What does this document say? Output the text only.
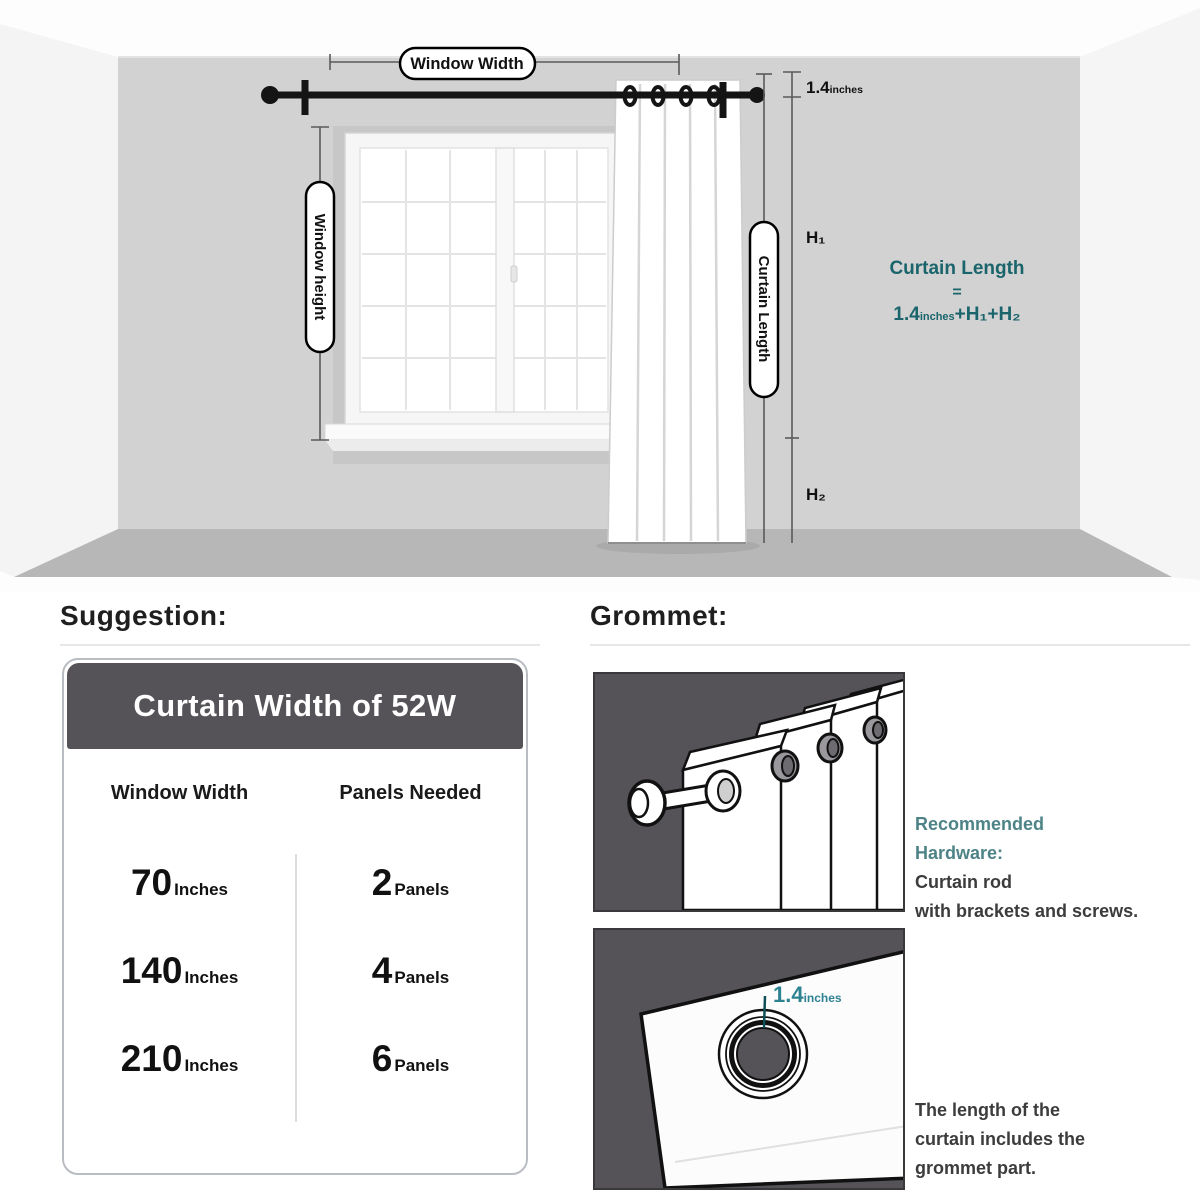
Window Width
Window height	Curtain Length
1.4inches
H₁
H₂
Curtain Length
=
1.4inches+H₁+H₂
Suggestion:
Curtain Width of 52W
Window Width	Panels Needed
70 Inches	2 Panels
140 Inches	4 Panels
210 Inches	6 Panels
Grommet:
Recommended
Hardware:
Curtain rod
with brackets and screws.
1.4inches
The length of the
curtain includes the
grommet part.
